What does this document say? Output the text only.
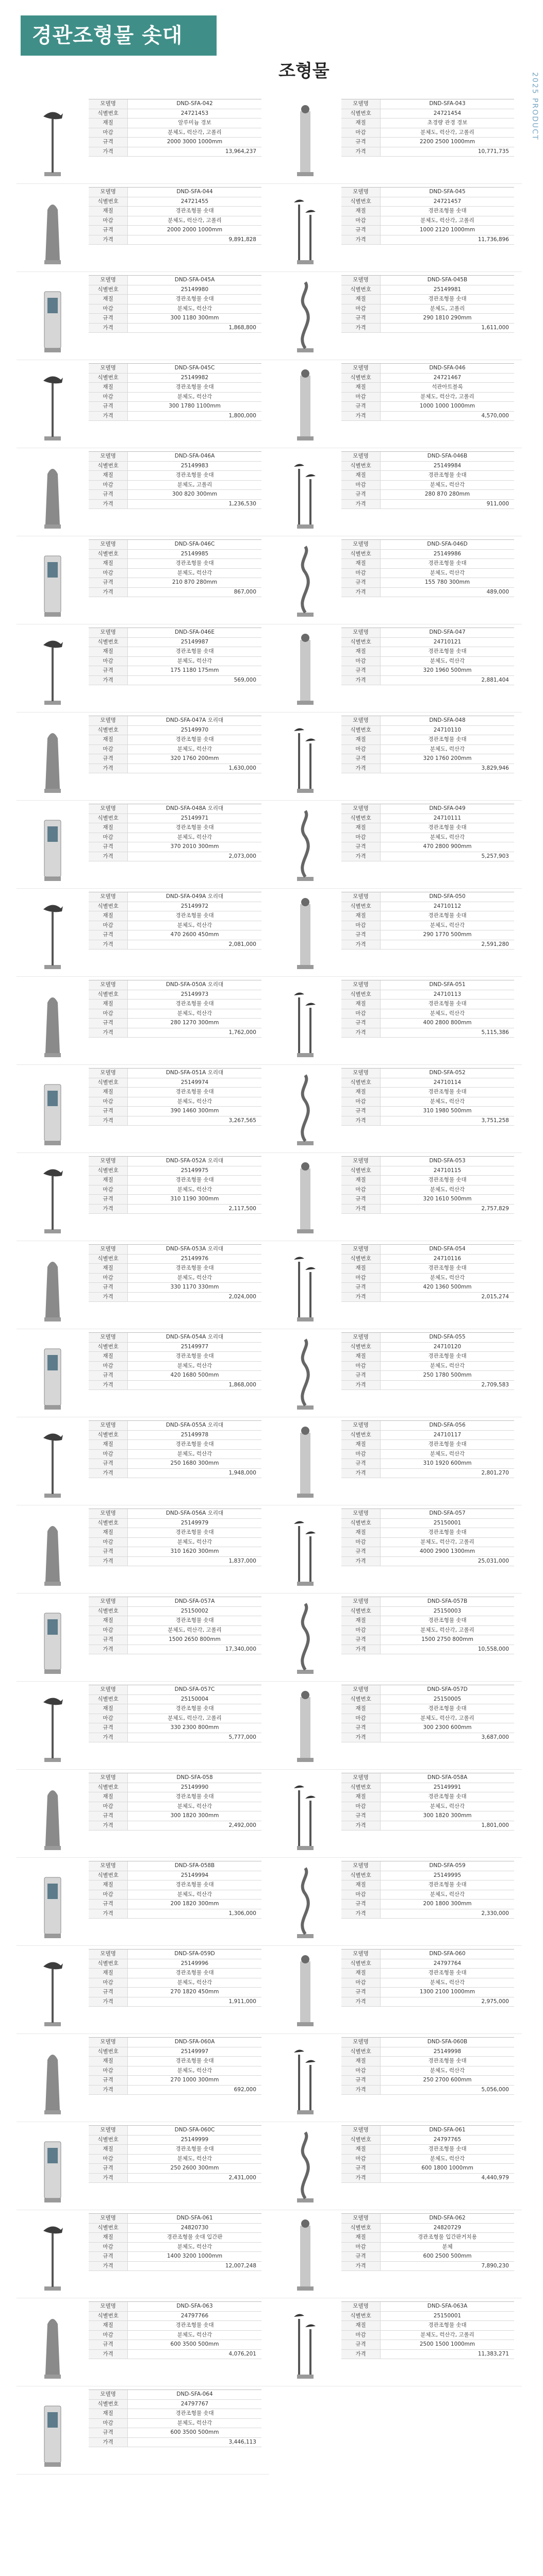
경관조형물 솟대
조형물
2025 PRODUCT
모델명	DND-SFA-042
식별번호	24721453
재질	알루미늄 경보
마감	분체도, 럭산각, 고폴리
규격	2000 3000 1000mm
가격	13,964,237
모델명	DND-SFA-043
식별번호	24721454
재질	초경량 관경 경보
마감	분체도, 럭산각, 고폴리
규격	2200 2500 1000mm
가격	10,771,735
모델명	DND-SFA-044
식별번호	24721455
재질	경관조형물 솟대
마감	분체도, 럭산각, 고폴리
규격	2000 2000 1000mm
가격	9,891,828
모델명	DND-SFA-045
식별번호	24721457
재질	경관조형물 솟대
마감	분체도, 럭산각, 고폴리
규격	1000 2120 1000mm
가격	11,736,896
모델명	DND-SFA-045A
식별번호	25149980
재질	경관조형물 솟대
마감	분체도, 럭산각
규격	300 1180 300mm
가격	1,868,800
모델명	DND-SFA-045B
식별번호	25149981
재질	경관조형물 솟대
마감	분체도, 고폴리
규격	290 1810 290mm
가격	1,611,000
모델명	DND-SFA-045C
식별번호	25149982
재질	경관조형물 솟대
마감	분체도, 럭산각
규격	300 1780 1100mm
가격	1,800,000
모델명	DND-SFA-046
식별번호	24721467
재질	석관아트블록
마감	분체도, 럭산각, 고폴리
규격	1000 1000 1000mm
가격	4,570,000
모델명	DND-SFA-046A
식별번호	25149983
재질	경관조형물 솟대
마감	분체도, 고폴리
규격	300 820 300mm
가격	1,236,530
모델명	DND-SFA-046B
식별번호	25149984
재질	경관조형물 솟대
마감	분체도, 럭산각
규격	280 870 280mm
가격	911,000
모델명	DND-SFA-046C
식별번호	25149985
재질	경관조형물 솟대
마감	분체도, 럭산각
규격	210 870 280mm
가격	867,000
모델명	DND-SFA-046D
식별번호	25149986
재질	경관조형물 솟대
마감	분체도, 럭산각
규격	155 780 300mm
가격	489,000
모델명	DND-SFA-046E
식별번호	25149987
재질	경관조형물 솟대
마감	분체도, 럭산각
규격	175 1180 175mm
가격	569,000
모델명	DND-SFA-047
식별번호	24710121
재질	경관조형물 솟대
마감	분체도, 럭산각
규격	320 1960 500mm
가격	2,881,404
모델명	DND-SFA-047A 오리대
식별번호	25149970
재질	경관조형물 솟대
마감	분체도, 럭산각
규격	320 1760 200mm
가격	1,630,000
모델명	DND-SFA-048
식별번호	24710110
재질	경관조형물 솟대
마감	분체도, 럭산각
규격	320 1760 200mm
가격	3,829,946
모델명	DND-SFA-048A 오리대
식별번호	25149971
재질	경관조형물 솟대
마감	분체도, 럭산각
규격	370 2010 300mm
가격	2,073,000
모델명	DND-SFA-049
식별번호	24710111
재질	경관조형물 솟대
마감	분체도, 럭산각
규격	470 2800 900mm
가격	5,257,903
모델명	DND-SFA-049A 오리대
식별번호	25149972
재질	경관조형물 솟대
마감	분체도, 럭산각
규격	470 2600 450mm
가격	2,081,000
모델명	DND-SFA-050
식별번호	24710112
재질	경관조형물 솟대
마감	분체도, 럭산각
규격	290 1770 500mm
가격	2,591,280
모델명	DND-SFA-050A 오리대
식별번호	25149973
재질	경관조형물 솟대
마감	분체도, 럭산각
규격	280 1270 300mm
가격	1,762,000
모델명	DND-SFA-051
식별번호	24710113
재질	경관조형물 솟대
마감	분체도, 럭산각
규격	400 2800 800mm
가격	5,115,386
모델명	DND-SFA-051A 오리대
식별번호	25149974
재질	경관조형물 솟대
마감	분체도, 럭산각
규격	390 1460 300mm
가격	3,267,565
모델명	DND-SFA-052
식별번호	24710114
재질	경관조형물 솟대
마감	분체도, 럭산각
규격	310 1980 500mm
가격	3,751,258
모델명	DND-SFA-052A 오리대
식별번호	25149975
재질	경관조형물 솟대
마감	분체도, 럭산각
규격	310 1190 300mm
가격	2,117,500
모델명	DND-SFA-053
식별번호	24710115
재질	경관조형물 솟대
마감	분체도, 럭산각
규격	320 1610 500mm
가격	2,757,829
모델명	DND-SFA-053A 오리대
식별번호	25149976
재질	경관조형물 솟대
마감	분체도, 럭산각
규격	330 1170 330mm
가격	2,024,000
모델명	DND-SFA-054
식별번호	24710116
재질	경관조형물 솟대
마감	분체도, 럭산각
규격	420 1360 500mm
가격	2,015,274
모델명	DND-SFA-054A 오리대
식별번호	25149977
재질	경관조형물 솟대
마감	분체도, 럭산각
규격	420 1680 500mm
가격	1,868,000
모델명	DND-SFA-055
식별번호	24710120
재질	경관조형물 솟대
마감	분체도, 럭산각
규격	250 1780 500mm
가격	2,709,583
모델명	DND-SFA-055A 오리대
식별번호	25149978
재질	경관조형물 솟대
마감	분체도, 럭산각
규격	250 1680 300mm
가격	1,948,000
모델명	DND-SFA-056
식별번호	24710117
재질	경관조형물 솟대
마감	분체도, 럭산각
규격	310 1920 600mm
가격	2,801,270
모델명	DND-SFA-056A 오리대
식별번호	25149979
재질	경관조형물 솟대
마감	분체도, 럭산각
규격	310 1620 300mm
가격	1,837,000
모델명	DND-SFA-057
식별번호	25150001
재질	경관조형물 솟대
마감	분체도, 럭산각, 고폴리
규격	4000 2900 1300mm
가격	25,031,000
모델명	DND-SFA-057A
식별번호	25150002
재질	경관조형물 솟대
마감	분체도, 럭산각, 고폴리
규격	1500 2650 800mm
가격	17,340,000
모델명	DND-SFA-057B
식별번호	25150003
재질	경관조형물 솟대
마감	분체도, 럭산각, 고폴리
규격	1500 2750 800mm
가격	10,558,000
모델명	DND-SFA-057C
식별번호	25150004
재질	경관조형물 솟대
마감	분체도, 럭산각, 고폴리
규격	330 2300 800mm
가격	5,777,000
모델명	DND-SFA-057D
식별번호	25150005
재질	경관조형물 솟대
마감	분체도, 럭산각, 고폴리
규격	300 2300 600mm
가격	3,687,000
모델명	DND-SFA-058
식별번호	25149990
재질	경관조형물 솟대
마감	분체도, 럭산각
규격	300 1820 300mm
가격	2,492,000
모델명	DND-SFA-058A
식별번호	25149991
재질	경관조형물 솟대
마감	분체도, 럭산각
규격	300 1820 300mm
가격	1,801,000
모델명	DND-SFA-058B
식별번호	25149994
재질	경관조형물 솟대
마감	분체도, 럭산각
규격	200 1820 300mm
가격	1,306,000
모델명	DND-SFA-059
식별번호	25149995
재질	경관조형물 솟대
마감	분체도, 럭산각
규격	200 1800 300mm
가격	2,330,000
모델명	DND-SFA-059D
식별번호	25149996
재질	경관조형물 솟대
마감	분체도, 럭산각
규격	270 1820 450mm
가격	1,911,000
모델명	DND-SFA-060
식별번호	24797764
재질	경관조형물 솟대
마감	분체도, 럭산각
규격	1300 2100 1000mm
가격	2,975,000
모델명	DND-SFA-060A
식별번호	25149997
재질	경관조형물 솟대
마감	분체도, 럭산각
규격	270 1000 300mm
가격	692,000
모델명	DND-SFA-060B
식별번호	25149998
재질	경관조형물 솟대
마감	분체도, 럭산각
규격	250 2700 600mm
가격	5,056,000
모델명	DND-SFA-060C
식별번호	25149999
재질	경관조형물 솟대
마감	분체도, 럭산각
규격	250 2600 300mm
가격	2,431,000
모델명	DND-SFA-061
식별번호	24797765
재질	경관조형물 솟대
마감	분체도, 럭산각
규격	600 1800 1000mm
가격	4,440,979
모델명	DND-SFA-061
식별번호	24820730
재질	경관조형물 솟대 입간판
마감	분체도, 럭산각
규격	1400 3200 1000mm
가격	12,007,248
모델명	DND-SFA-062
식별번호	24820729
재질	경관조형물 입간판거치용
마감	분체
규격	600 2500 500mm
가격	7,890,230
모델명	DND-SFA-063
식별번호	24797766
재질	경관조형물 솟대
마감	분체도, 럭산각
규격	600 3500 500mm
가격	4,076,201
모델명	DND-SFA-063A
식별번호	25150001
재질	경관조형물 솟대
마감	분체도, 럭산각, 고폴리
규격	2500 1500 1000mm
가격	11,383,271
모델명	DND-SFA-064
식별번호	24797767
재질	경관조형물 솟대
마감	분체도, 럭산각
규격	600 3500 500mm
가격	3,446,113
